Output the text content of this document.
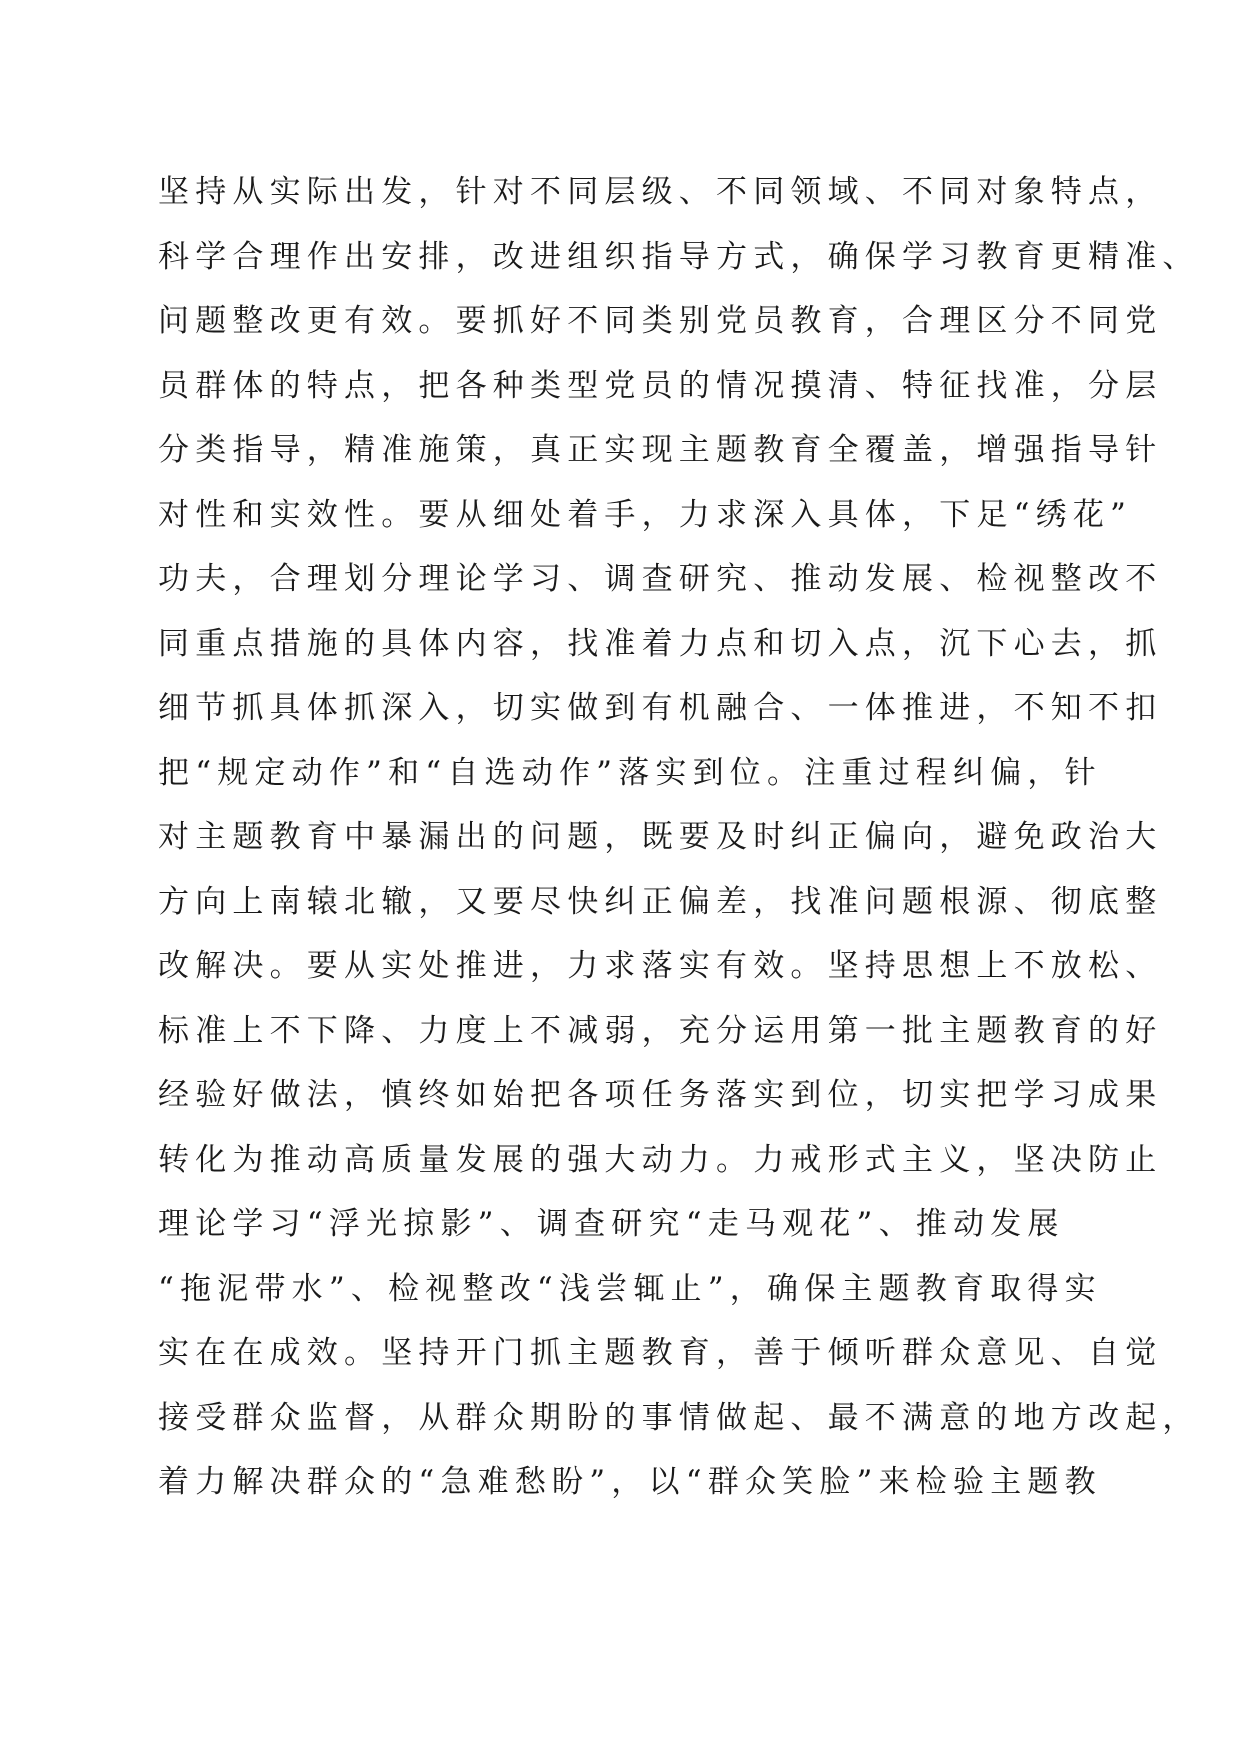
坚持从实际出发，针对不同层级、不同领域、不同对象特点，
科学合理作出安排，改进组织指导方式，确保学习教育更精准、
问题整改更有效。要抓好不同类别党员教育，合理区分不同党
员群体的特点，把各种类型党员的情况摸清、特征找准，分层
分类指导，精准施策，真正实现主题教育全覆盖，增强指导针
对性和实效性。要从细处着手，力求深入具体，下足“绣花”
功夫，合理划分理论学习、调查研究、推动发展、检视整改不
同重点措施的具体内容，找准着力点和切入点，沉下心去，抓
细节抓具体抓深入，切实做到有机融合、一体推进，不知不扣
把“规定动作”和“自选动作”落实到位。注重过程纠偏，针
对主题教育中暴漏出的问题，既要及时纠正偏向，避免政治大
方向上南辕北辙，又要尽快纠正偏差，找准问题根源、彻底整
改解决。要从实处推进，力求落实有效。坚持思想上不放松、
标准上不下降、力度上不减弱，充分运用第一批主题教育的好
经验好做法，慎终如始把各项任务落实到位，切实把学习成果
转化为推动高质量发展的强大动力。力戒形式主义，坚决防止
理论学习“浮光掠影”、调查研究“走马观花”、推动发展
“拖泥带水”、检视整改“浅尝辄止”，确保主题教育取得实
实在在成效。坚持开门抓主题教育，善于倾听群众意见、自觉
接受群众监督，从群众期盼的事情做起、最不满意的地方改起，
着力解决群众的“急难愁盼”，以“群众笑脸”来检验主题教
